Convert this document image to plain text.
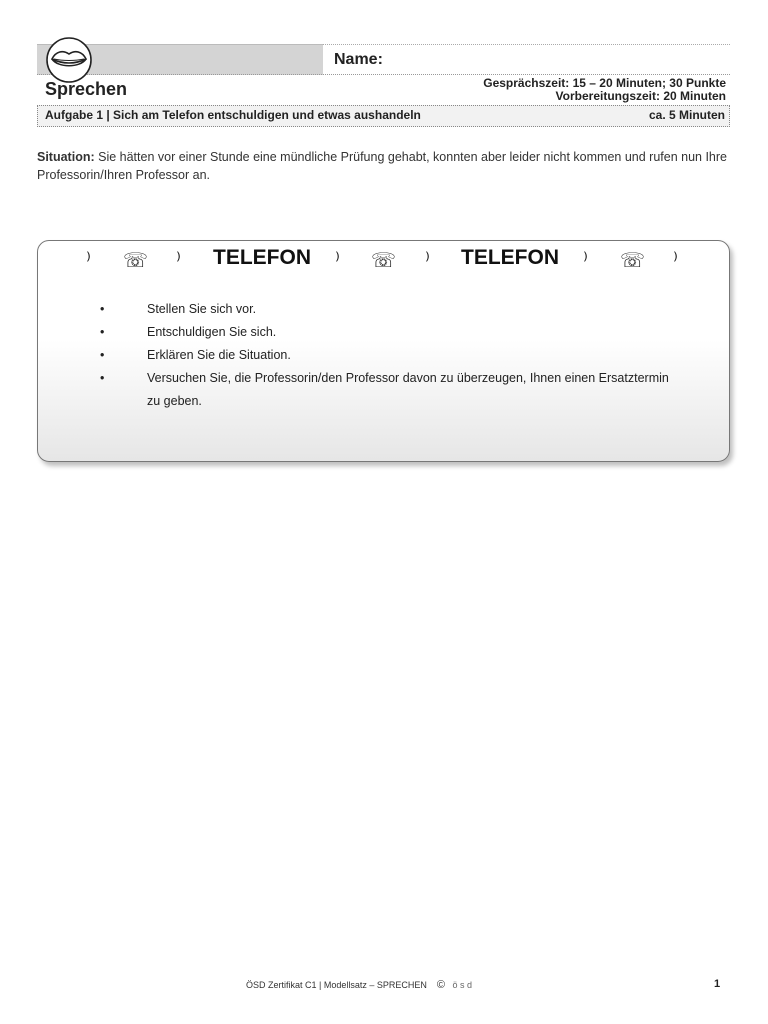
Sprechen
Name:
Gesprächszeit: 15 – 20 Minuten; 30 Punkte
Vorbereitungszeit: 20 Minuten
Aufgabe 1 | Sich am Telefon entschuldigen und etwas aushandeln	ca. 5 Minuten
Situation: Sie hätten vor einer Stunde eine mündliche Prüfung gehabt, konnten aber leider nicht kommen und rufen nun Ihre Professorin/Ihren Professor an.
⁾ ☏ ⁾ TELEFON ⁾ ☏ ⁾ TELEFON ⁾ ☏ ⁾
•	Stellen Sie sich vor.
•	Entschuldigen Sie sich.
•	Erklären Sie die Situation.
•	Versuchen Sie, die Professorin/den Professor davon zu überzeugen, Ihnen einen Ersatztermin zu geben.
ÖSD Zertifikat C1 | Modellsatz – SPRECHEN © ö s d	1
